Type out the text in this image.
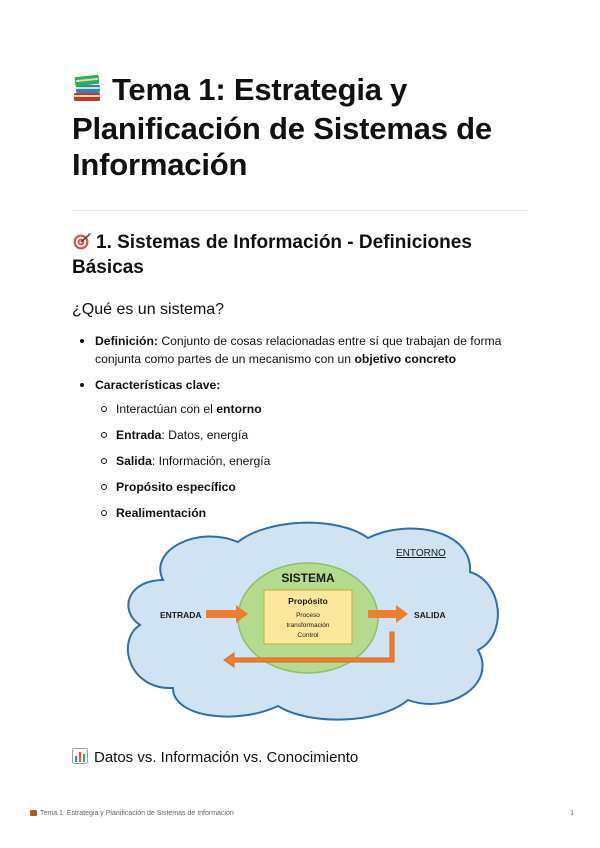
Tema 1: Estrategia y Planificación de Sistemas de Información
1. Sistemas de Información - Definiciones Básicas
¿Qué es un sistema?
Definición: Conjunto de cosas relacionadas entre sí que trabajan de forma conjunta como partes de un mecanismo con un objetivo concreto
Características clave:
Interactúan con el entorno
Entrada: Datos, energía
Salida: Información, energía
Propósito específico
Realimentación
ENTORNO
SISTEMA
Propósito
Proceso
transformación
Control
ENTRADA	SALIDA
Datos vs. Información vs. Conocimiento
Tema 1: Estrategia y Planificación de Sistemas de Información	1
